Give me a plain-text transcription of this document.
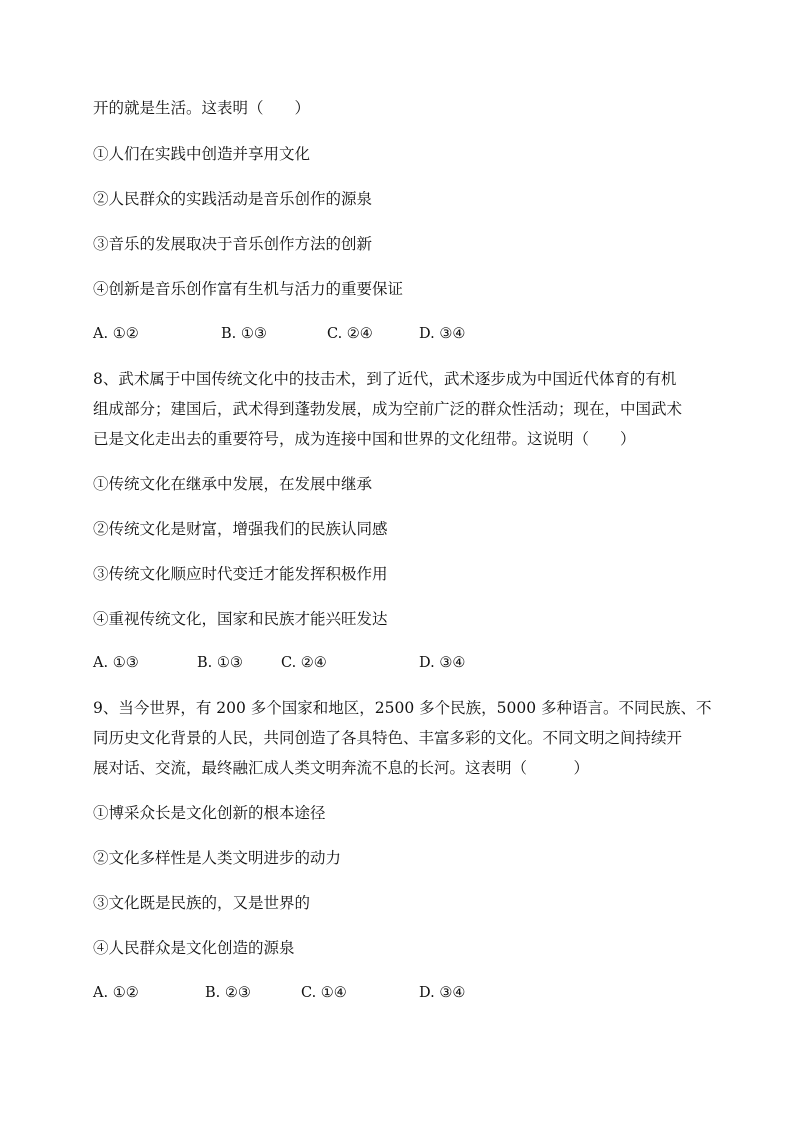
开的就是生活。这表明（　　）
①人们在实践中创造并享用文化
②人民群众的实践活动是音乐创作的源泉
③音乐的发展取决于音乐创作方法的创新
④创新是音乐创作富有生机与活力的重要保证
A. ①②	B. ①③	C. ②④	D. ③④
8、武术属于中国传统文化中的技击术，到了近代，武术逐步成为中国近代体育的有机
组成部分；建国后，武术得到蓬勃发展，成为空前广泛的群众性活动；现在，中国武术
已是文化走出去的重要符号，成为连接中国和世界的文化纽带。这说明（　　）
①传统文化在继承中发展，在发展中继承
②传统文化是财富，增强我们的民族认同感
③传统文化顺应时代变迁才能发挥积极作用
④重视传统文化，国家和民族才能兴旺发达
A. ①③	B. ①③	C. ②④	D. ③④
9、当今世界，有 200 多个国家和地区，2500 多个民族，5000 多种语言。不同民族、不
同历史文化背景的人民，共同创造了各具特色、丰富多彩的文化。不同文明之间持续开
展对话、交流，最终融汇成人类文明奔流不息的长河。这表明（　　　）
①博采众长是文化创新的根本途径
②文化多样性是人类文明进步的动力
③文化既是民族的，又是世界的
④人民群众是文化创造的源泉
A. ①②	B. ②③	C. ①④	D. ③④
